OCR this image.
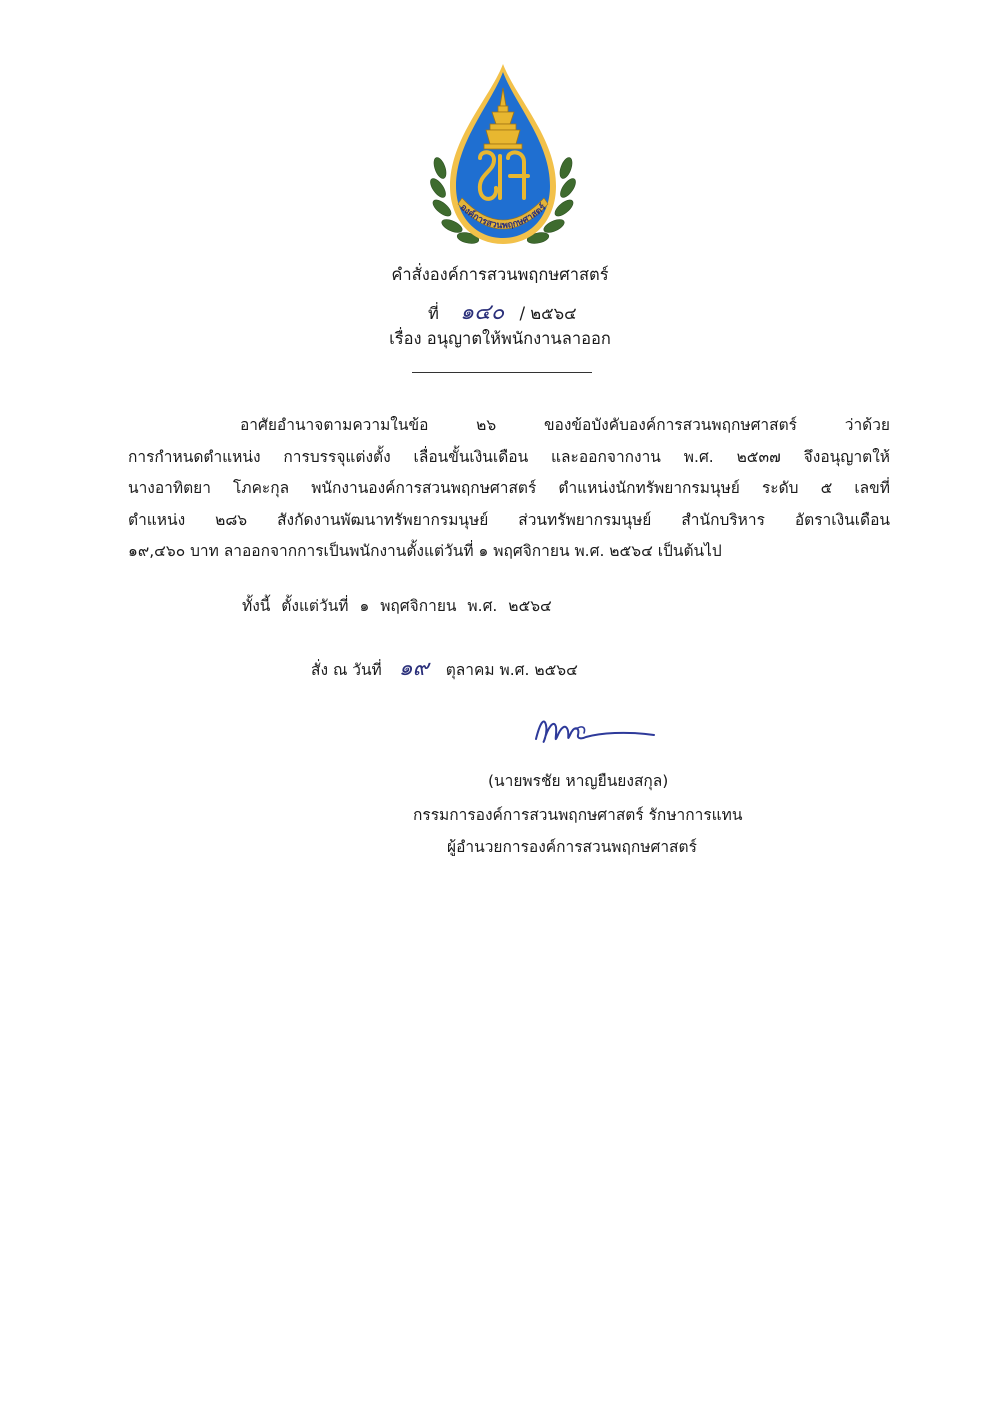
องค์การสวนพฤกษศาสตร์
คำสั่งองค์การสวนพฤกษศาสตร์
ที่ ๑๔๐ / ๒๕๖๔
เรื่อง อนุญาตให้พนักงานลาออก
อาศัยอำนาจตามความในข้อ ๒๖ ของข้อบังคับองค์การสวนพฤกษศาสตร์ ว่าด้วย
การกำหนดตำแหน่ง การบรรจุแต่งตั้ง เลื่อนขั้นเงินเดือน และออกจากงาน พ.ศ. ๒๕๓๗ จึงอนุญาตให้
นางอาทิตยา โภคะกุล พนักงานองค์การสวนพฤกษศาสตร์ ตำแหน่งนักทรัพยากรมนุษย์ ระดับ ๕ เลขที่
ตำแหน่ง ๒๘๖ สังกัดงานพัฒนาทรัพยากรมนุษย์ ส่วนทรัพยากรมนุษย์ สำนักบริหาร อัตราเงินเดือน
๑๙,๔๖๐ บาท ลาออกจากการเป็นพนักงานตั้งแต่วันที่ ๑ พฤศจิกายน พ.ศ. ๒๕๖๔ เป็นต้นไป
ทั้งนี้ ตั้งแต่วันที่ ๑ พฤศจิกายน พ.ศ. ๒๕๖๔
สั่ง ณ วันที่ ๑๙ ตุลาคม พ.ศ. ๒๕๖๔
(นายพรชัย หาญยืนยงสกุล)
กรรมการองค์การสวนพฤกษศาสตร์ รักษาการแทน
ผู้อำนวยการองค์การสวนพฤกษศาสตร์
